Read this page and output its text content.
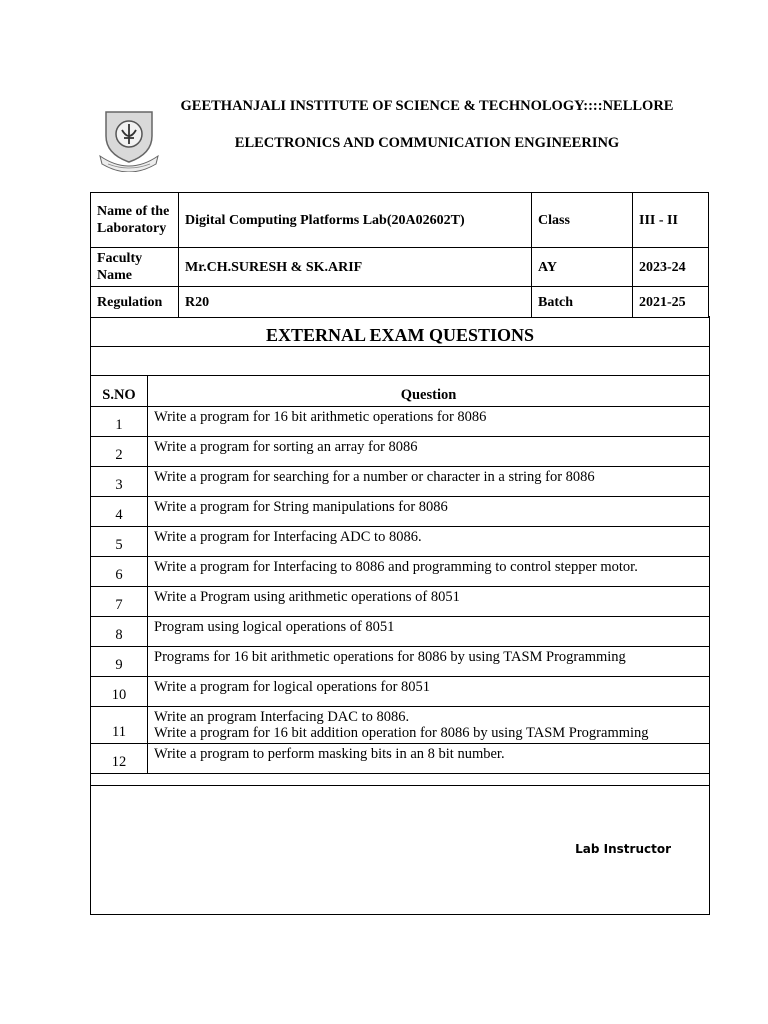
GEETHANJALI INSTITUTE OF SCIENCE & TECHNOLOGY::::NELLORE
ELECTRONICS AND COMMUNICATION ENGINEERING
Name of the Laboratory	Digital Computing Platforms Lab(20A02602T)	Class	III - II
Faculty Name	Mr.CH.SURESH & SK.ARIF	AY	2023-24
Regulation	R20	Batch	2021-25
EXTERNAL EXAM QUESTIONS
S.NO	Question
1	Write a program for 16 bit arithmetic operations for 8086

2	Write a program for sorting an array for 8086

3	Write a program for searching for a number or character in a string for 8086

4	Write a program for String manipulations for 8086

5	Write a program for Interfacing ADC to 8086.

6	Write a program for Interfacing to 8086 and programming to control stepper motor.

7	Write a Program using arithmetic operations of 8051

8	Program using logical operations of 8051

9	Programs for 16 bit arithmetic operations for 8086 by using TASM Programming

10	Write a program for logical operations for 8051

11	Write an program Interfacing DAC to 8086.
Write a program for 16 bit addition operation for 8086 by using TASM Programming

12	Write a program to perform masking bits in an 8 bit number.
Lab Instructor
